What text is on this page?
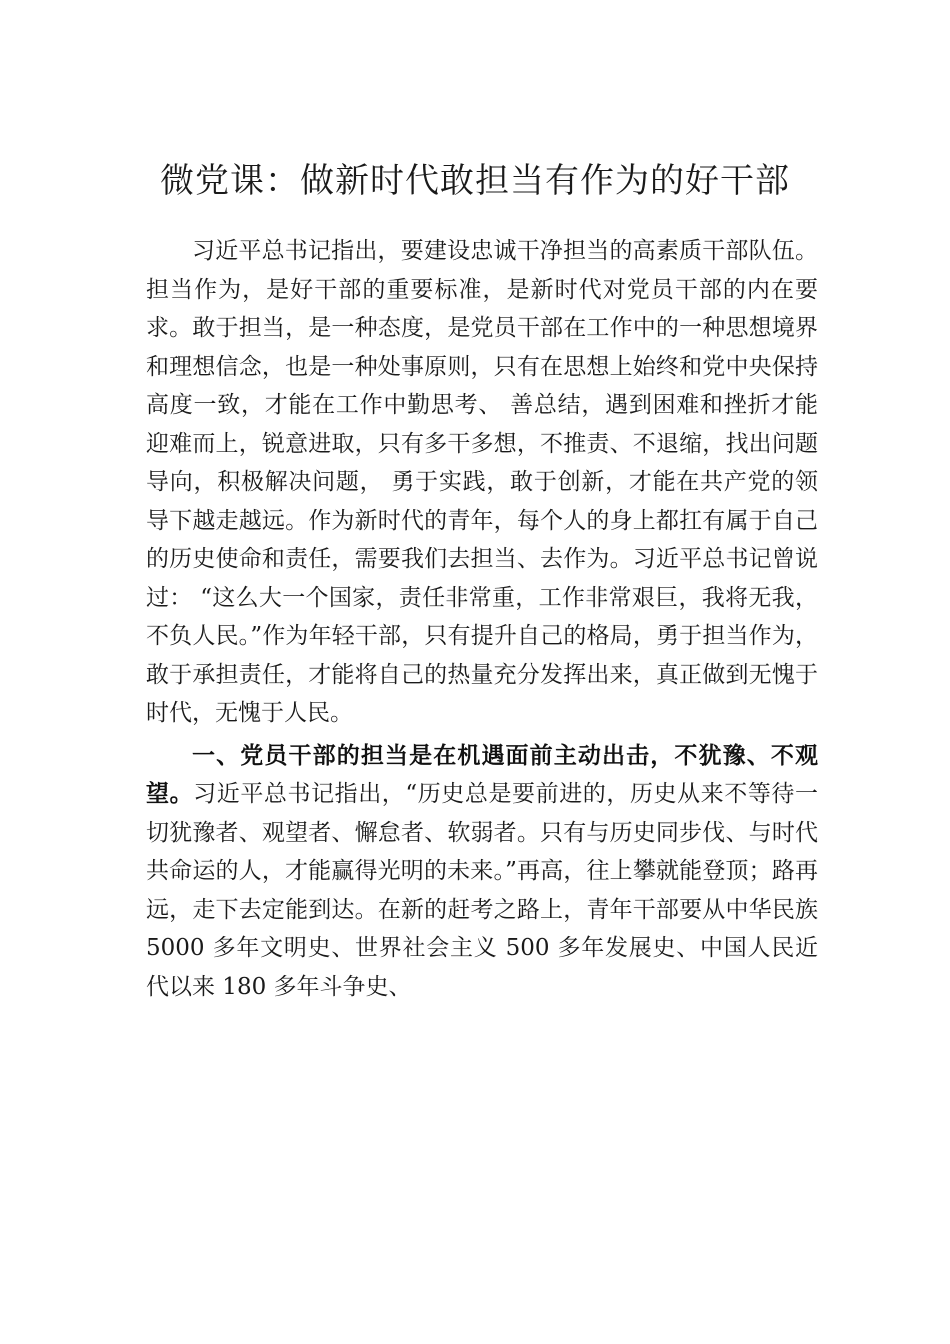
微党课：做新时代敢担当有作为的好干部

习近平总书记指出，要建设忠诚干净担当的高素质干部队伍。担当作为，是好干部的重要标准，是新时代对党员干部的内在要求。敢于担当，是一种态度，是党员干部在工作中的一种思想境界和理想信念，也是一种处事原则，只有在思想上始终和党中央保持高度一致，才能在工作中勤思考、 善总结，遇到困难和挫折才能迎难而上，锐意进取，只有多干多想，不推责、不退缩，找出问题导向，积极解决问题， 勇于实践，敢于创新，才能在共产党的领导下越走越远。作为新时代的青年，每个人的身上都扛有属于自己的历史使命和责任，需要我们去担当、去作为。习近平总书记曾说过： “这么大一个国家，责任非常重，工作非常艰巨，我将无我， 不负人民。”作为年轻干部，只有提升自己的格局，勇于担当作为，敢于承担责任，才能将自己的热量充分发挥出来，真正做到无愧于时代，无愧于人民。

一、党员干部的担当是在机遇面前主动出击，不犹豫、不观望。习近平总书记指出，“历史总是要前进的，历史从来不等待一切犹豫者、观望者、懈怠者、软弱者。只有与历史同步伐、与时代共命运的人，才能赢得光明的未来。”再高，往上攀就能登顶；路再远，走下去定能到达。在新的赶考之路上，青年干部要从中华民族 5000 多年文明史、世界社会主义 500 多年发展史、中国人民近代以来 180 多年斗争史、
